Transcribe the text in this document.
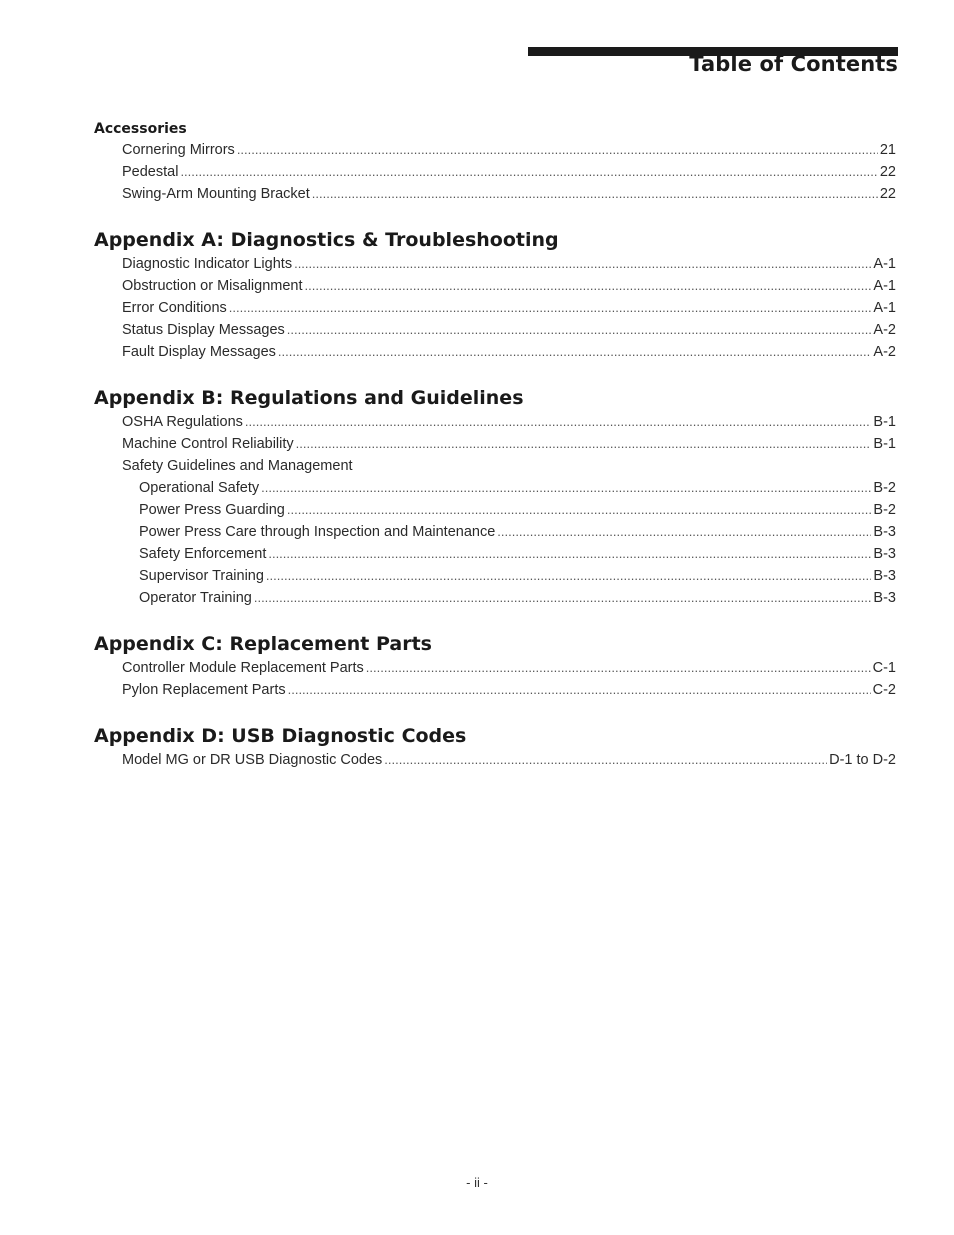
Table of Contents
Accessories
Cornering Mirrors .....	21
Pedestal .....	22
Swing-Arm Mounting Bracket .....	22
Appendix A: Diagnostics & Troubleshooting
Diagnostic Indicator Lights .....	A-1
Obstruction or Misalignment .....	A-1
Error Conditions .....	A-1
Status Display Messages .....	A-2
Fault Display Messages .....	A-2
Appendix B: Regulations and Guidelines
OSHA Regulations .....	B-1
Machine Control Reliability .....	B-1
Safety Guidelines and Management
Operational Safety .....	B-2
Power Press Guarding .....	B-2
Power Press Care through Inspection and Maintenance .....	B-3
Safety Enforcement .....	B-3
Supervisor Training .....	B-3
Operator Training .....	B-3
Appendix C: Replacement Parts
Controller Module Replacement Parts .....	C-1
Pylon Replacement Parts .....	C-2
Appendix D: USB Diagnostic Codes
Model MG or DR USB Diagnostic Codes .....	D-1 to D-2
- ii -
